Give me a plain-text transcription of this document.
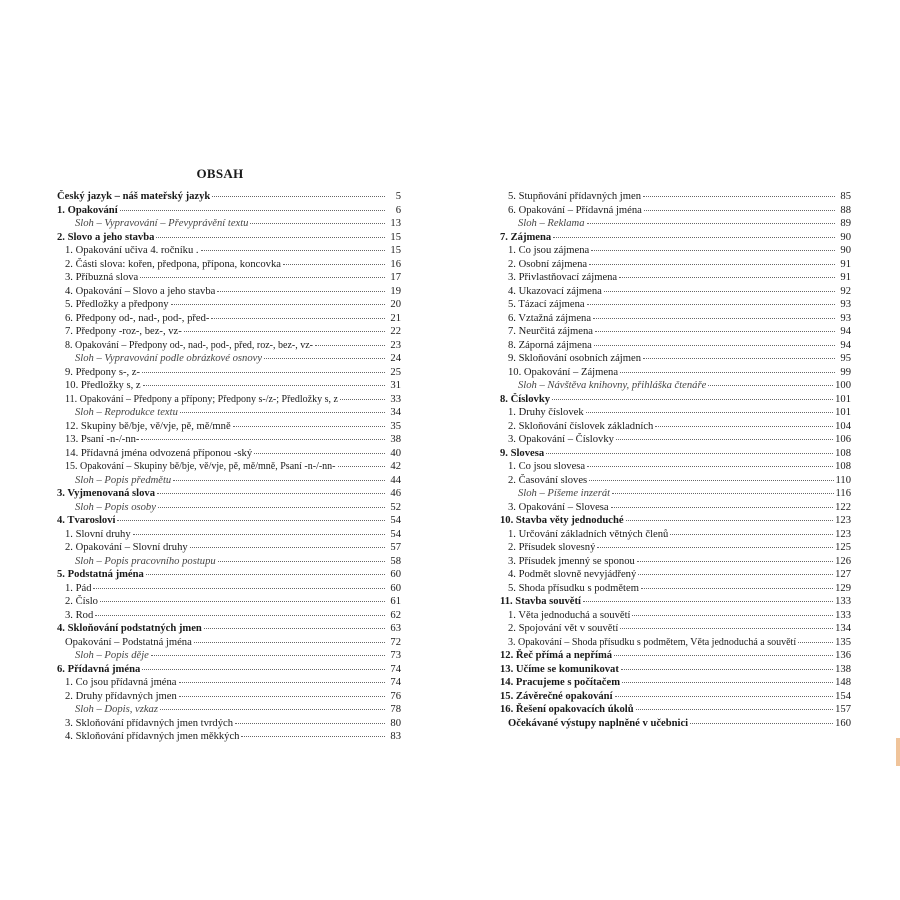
OBSAH
Český jazyk – náš mateřský jazyk	5
1. Opakování	6
Sloh – Vypravování – Převyprávění textu	13
2. Slovo a jeho stavba	15
1. Opakování učiva 4. ročníku .	15
2. Části slova: kořen, předpona, přípona, koncovka	16
3. Příbuzná slova	17
4. Opakování – Slovo a jeho stavba	19
5. Předložky a předpony	20
6. Předpony od-, nad-, pod-, před-	21
7. Předpony -roz-, bez-, vz-	22
8. Opakování – Předpony od-, nad-, pod-, před, roz-, bez-, vz-	23
Sloh – Vypravování podle obrázkové osnovy	24
9. Předpony s-, z-	25
10. Předložky s, z	31
11. Opakování – Předpony a přípony; Předpony s-/z-; Předložky s, z	33
Sloh – Reprodukce textu	34
12. Skupiny bě/bje, vě/vje, pě, mě/mně	35
13. Psaní -n-/-nn-	38
14. Přídavná jména odvozená příponou -ský	40
15. Opakování – Skupiny bě/bje, vě/vje, pě, mě/mně, Psaní -n-/-nn-	42
Sloh – Popis předmětu	44
3. Vyjmenovaná slova	46
Sloh – Popis osoby	52
4. Tvarosloví	54
1. Slovní druhy	54
2. Opakování – Slovní druhy	57
Sloh – Popis pracovního postupu	58
5. Podstatná jména	60
1. Pád	60
2. Číslo	61
3. Rod	62
4. Skloňování podstatných jmen	63
Opakování – Podstatná jména	72
Sloh – Popis děje	73
6. Přídavná jména	74
1. Co jsou přídavná jména	74
2. Druhy přídavných jmen	76
Sloh – Dopis, vzkaz	78
3. Skloňování přídavných jmen tvrdých	80
4. Skloňování přídavných jmen měkkých	83
5. Stupňování přídavných jmen	85
6. Opakování – Přídavná jména	88
Sloh – Reklama	89
7. Zájmena	90
1. Co jsou zájmena	90
2. Osobní zájmena	91
3. Přivlastňovací zájmena	91
4. Ukazovací zájmena	92
5. Tázací zájmena	93
6. Vztažná zájmena	93
7. Neurčitá zájmena	94
8. Záporná zájmena	94
9. Skloňování osobních zájmen	95
10. Opakování – Zájmena	99
Sloh – Návštěva knihovny, přihláška čtenáře	100
8. Číslovky	101
1. Druhy číslovek	101
2. Skloňování číslovek základních	104
3. Opakování – Číslovky	106
9. Slovesa	108
1. Co jsou slovesa	108
2. Časování sloves	110
Sloh – Píšeme inzerát	116
3. Opakování – Slovesa	122
10. Stavba věty jednoduché	123
1. Určování základních větných členů	123
2. Přísudek slovesný	125
3. Přísudek jmenný se sponou	126
4. Podmět slovně nevyjádřený	127
5. Shoda přísudku s podmětem	129
11. Stavba souvětí	133
1. Věta jednoduchá a souvětí	133
2. Spojování vět v souvětí	134
3. Opakování – Shoda přísudku s podmětem, Věta jednoduchá a souvětí	135
12. Řeč přímá a nepřímá	136
13. Učíme se komunikovat	138
14. Pracujeme s počítačem	148
15. Závěrečné opakování	154
16. Řešení opakovacích úkolů	157
Očekávané výstupy naplněné v učebnici	160
